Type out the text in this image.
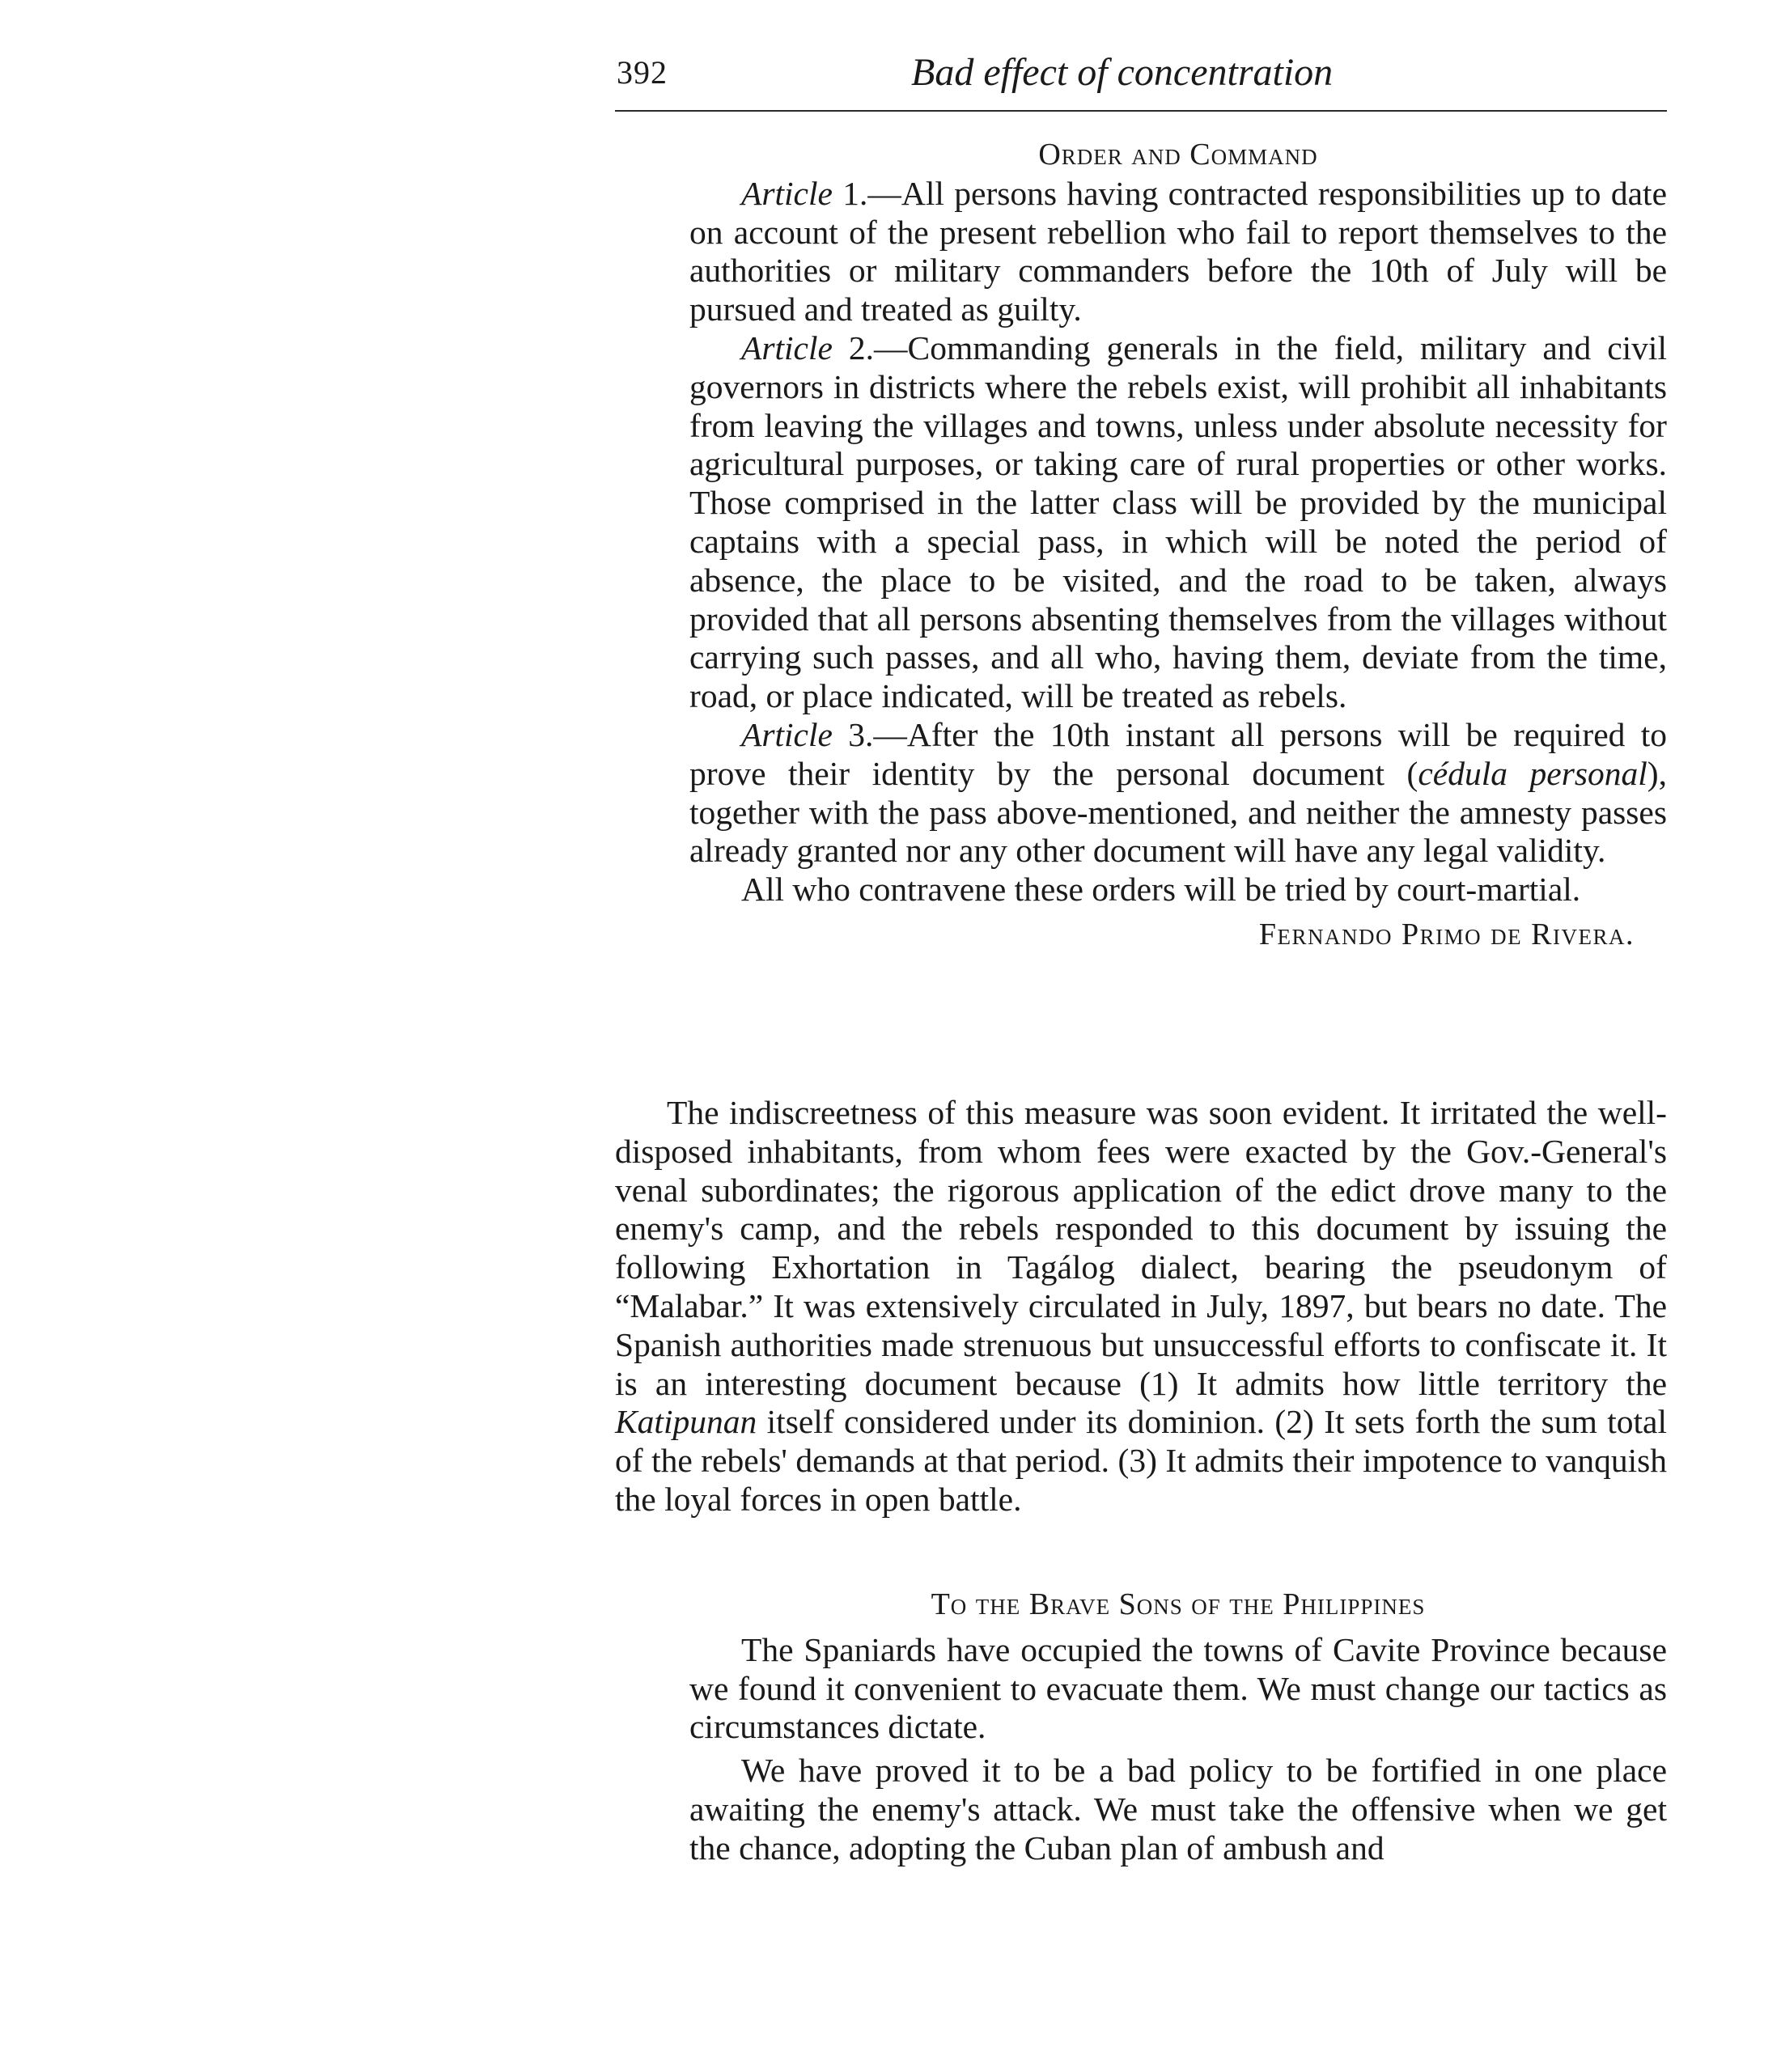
392	Bad effect of concentration
Order and Command

Article 1.—All persons having contracted responsibilities up to date on account of the present rebellion who fail to report themselves to the authorities or military commanders before the 10th of July will be pursued and treated as guilty.

Article 2.—Commanding generals in the field, military and civil governors in districts where the rebels exist, will prohibit all inhabitants from leaving the villages and towns, unless under absolute necessity for agricultural purposes, or taking care of rural properties or other works. Those comprised in the latter class will be provided by the municipal captains with a special pass, in which will be noted the period of absence, the place to be visited, and the road to be taken, always provided that all persons absenting themselves from the villages without carrying such passes, and all who, having them, deviate from the time, road, or place indicated, will be treated as rebels.

Article 3.—After the 10th instant all persons will be required to prove their identity by the personal document (cédula personal), together with the pass above-mentioned, and neither the amnesty passes already granted nor any other document will have any legal validity.

All who contravene these orders will be tried by court-martial.

Fernando Primo de Rivera.

The indiscreetness of this measure was soon evident. It irritated the well-disposed inhabitants, from whom fees were exacted by the Gov.-General's venal subordinates; the rigorous application of the edict drove many to the enemy's camp, and the rebels responded to this document by issuing the following Exhortation in Tagálog dialect, bearing the pseudonym of “Malabar.” It was extensively circulated in July, 1897, but bears no date. The Spanish authorities made strenuous but unsuccessful efforts to confiscate it. It is an interesting document because (1) It admits how little territory the Katipunan itself considered under its dominion. (2) It sets forth the sum total of the rebels' demands at that period. (3) It admits their impotence to vanquish the loyal forces in open battle.

To the Brave Sons of the Philippines

The Spaniards have occupied the towns of Cavite Province because we found it convenient to evacuate them. We must change our tactics as circumstances dictate.

We have proved it to be a bad policy to be fortified in one place awaiting the enemy's attack. We must take the offensive when we get the chance, adopting the Cuban plan of ambush and
